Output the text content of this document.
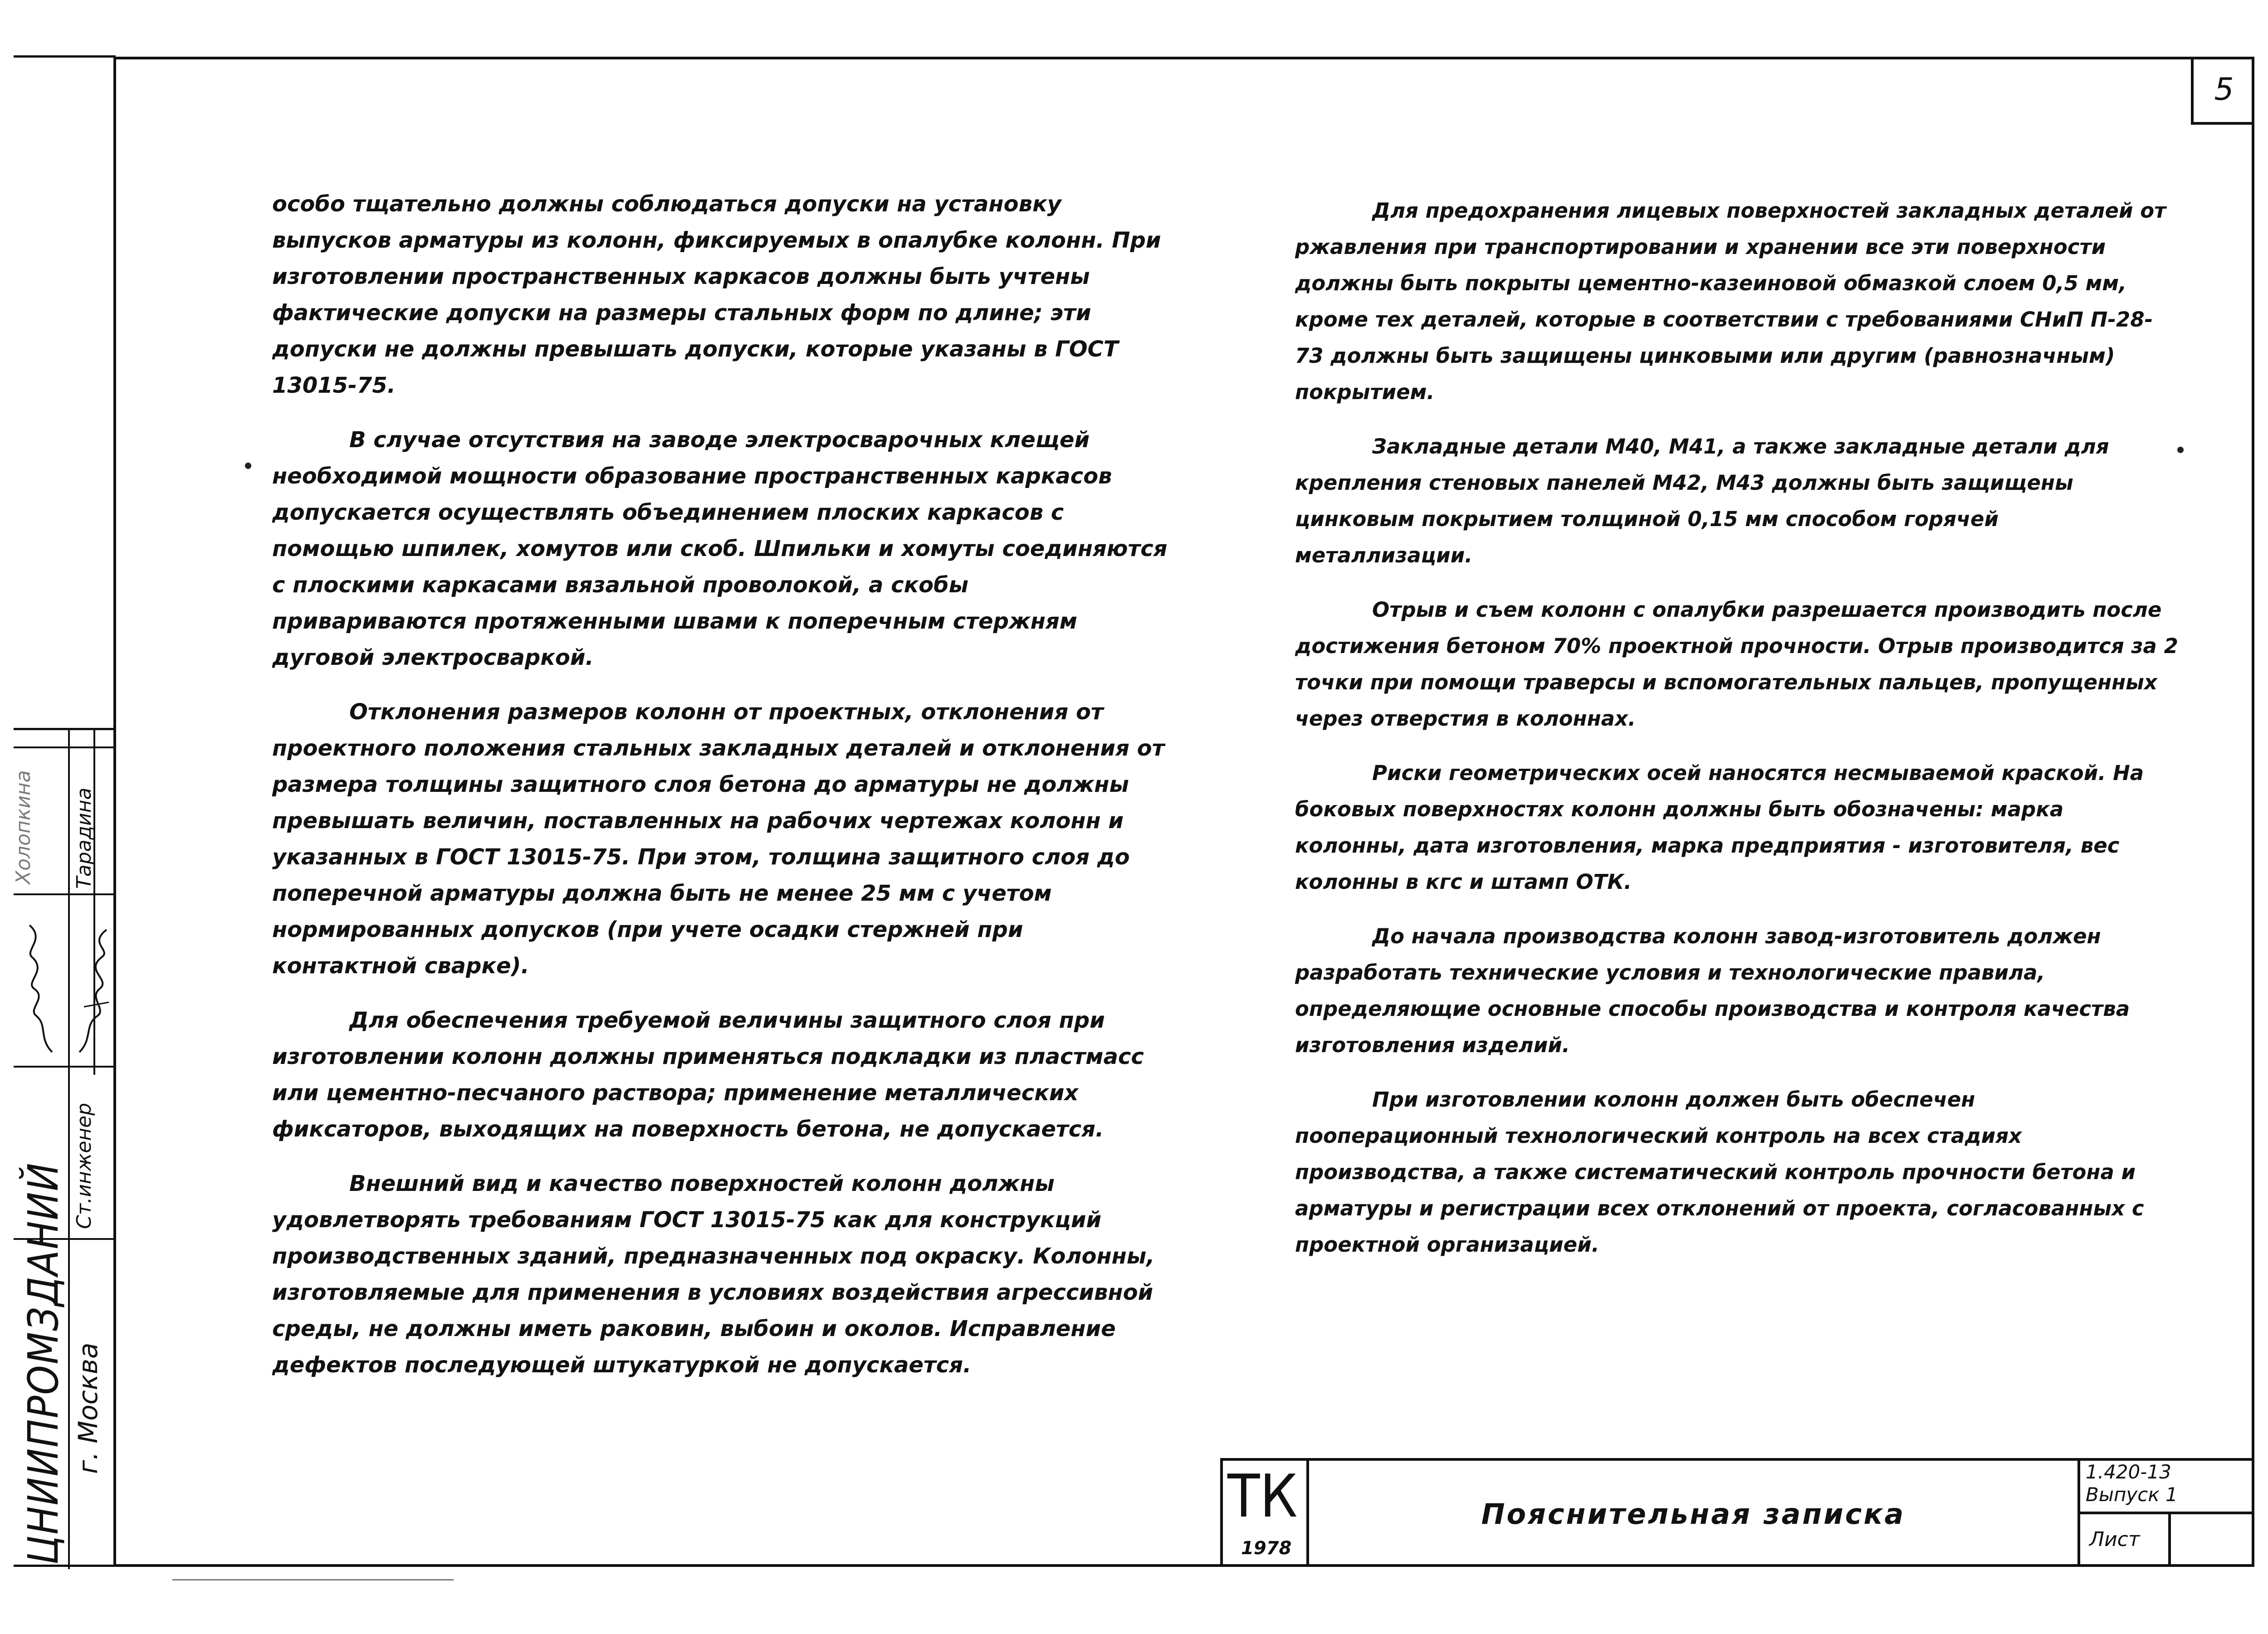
5
ЦНИИПРОМЗДАНИЙ г. Москва
Ст.инженер
Тарадина
Холопкина

особо тщательно должны соблюдаться допуски на установку выпусков арматуры из колонн, фиксируемых в опалубке колонн. При изготовлении пространственных каркасов должны быть учтены фактические допуски на размеры стальных форм по длине; эти допуски не должны превышать допуски, которые указаны в ГОСТ 13015-75.

В случае отсутствия на заводе электросварочных клещей необходимой мощности образование пространственных каркасов допускается осуществлять объединением плоских каркасов с помощью шпилек, хомутов или скоб. Шпильки и хомуты соединяются с плоскими каркасами вязальной проволокой, а скобы привариваются протяженными швами к поперечным стержням дуговой электросваркой.

Отклонения размеров колонн от проектных, отклонения от проектного положения стальных закладных деталей и отклонения от размера толщины защитного слоя бетона до арматуры не должны превышать величин, поставленных на рабочих чертежах колонн и указанных в ГОСТ 13015-75. При этом, толщина защитного слоя до поперечной арматуры должна быть не менее 25 мм с учетом нормированных допусков (при учете осадки стержней при контактной сварке).

Для обеспечения требуемой величины защитного слоя при изготовлении колонн должны применяться подкладки из пластмасс или цементно-песчаного раствора; применение металлических фиксаторов, выходящих на поверхность бетона, не допускается.

Внешний вид и качество поверхностей колонн должны удовлетворять требованиям ГОСТ 13015-75 как для конструкций производственных зданий, предназначенных под окраску. Колонны, изготовляемые для применения в условиях воздействия агрессивной среды, не должны иметь раковин, выбоин и околов. Исправление дефектов последующей штукатуркой не допускается.

Для предохранения лицевых поверхностей закладных деталей от ржавления при транспортировании и хранении все эти поверхности должны быть покрыты цементно-казеиновой обмазкой слоем 0,5 мм, кроме тех деталей, которые в соответствии с требованиями СНиП П-28-73 должны быть защищены цинковыми или другим (равнозначным) покрытием.

Закладные детали М40, М41, а также закладные детали для крепления стеновых панелей М42, М43 должны быть защищены цинковым покрытием толщиной 0,15 мм способом горячей металлизации.

Отрыв и съем колонн с опалубки разрешается производить после достижения бетоном 70% проектной прочности. Отрыв производится за 2 точки при помощи траверсы и вспомогательных пальцев, пропущенных через отверстия в колоннах.

Риски геометрических осей наносятся несмываемой краской. На боковых поверхностях колонн должны быть обозначены: марка колонны, дата изготовления, марка предприятия - изготовителя, вес колонны в кгс и штамп ОТК.

До начала производства колонн завод-изготовитель должен разработать технические условия и технологические правила, определяющие основные способы производства и контроля качества изготовления изделий.

При изготовлении колонн должен быть обеспечен пооперационный технологический контроль на всех стадиях производства, а также систематический контроль прочности бетона и арматуры и регистрации всех отклонений от проекта, согласованных с проектной организацией.

ТК
1978
Пояснительная записка
1.420-13
Выпуск 1
Лист
